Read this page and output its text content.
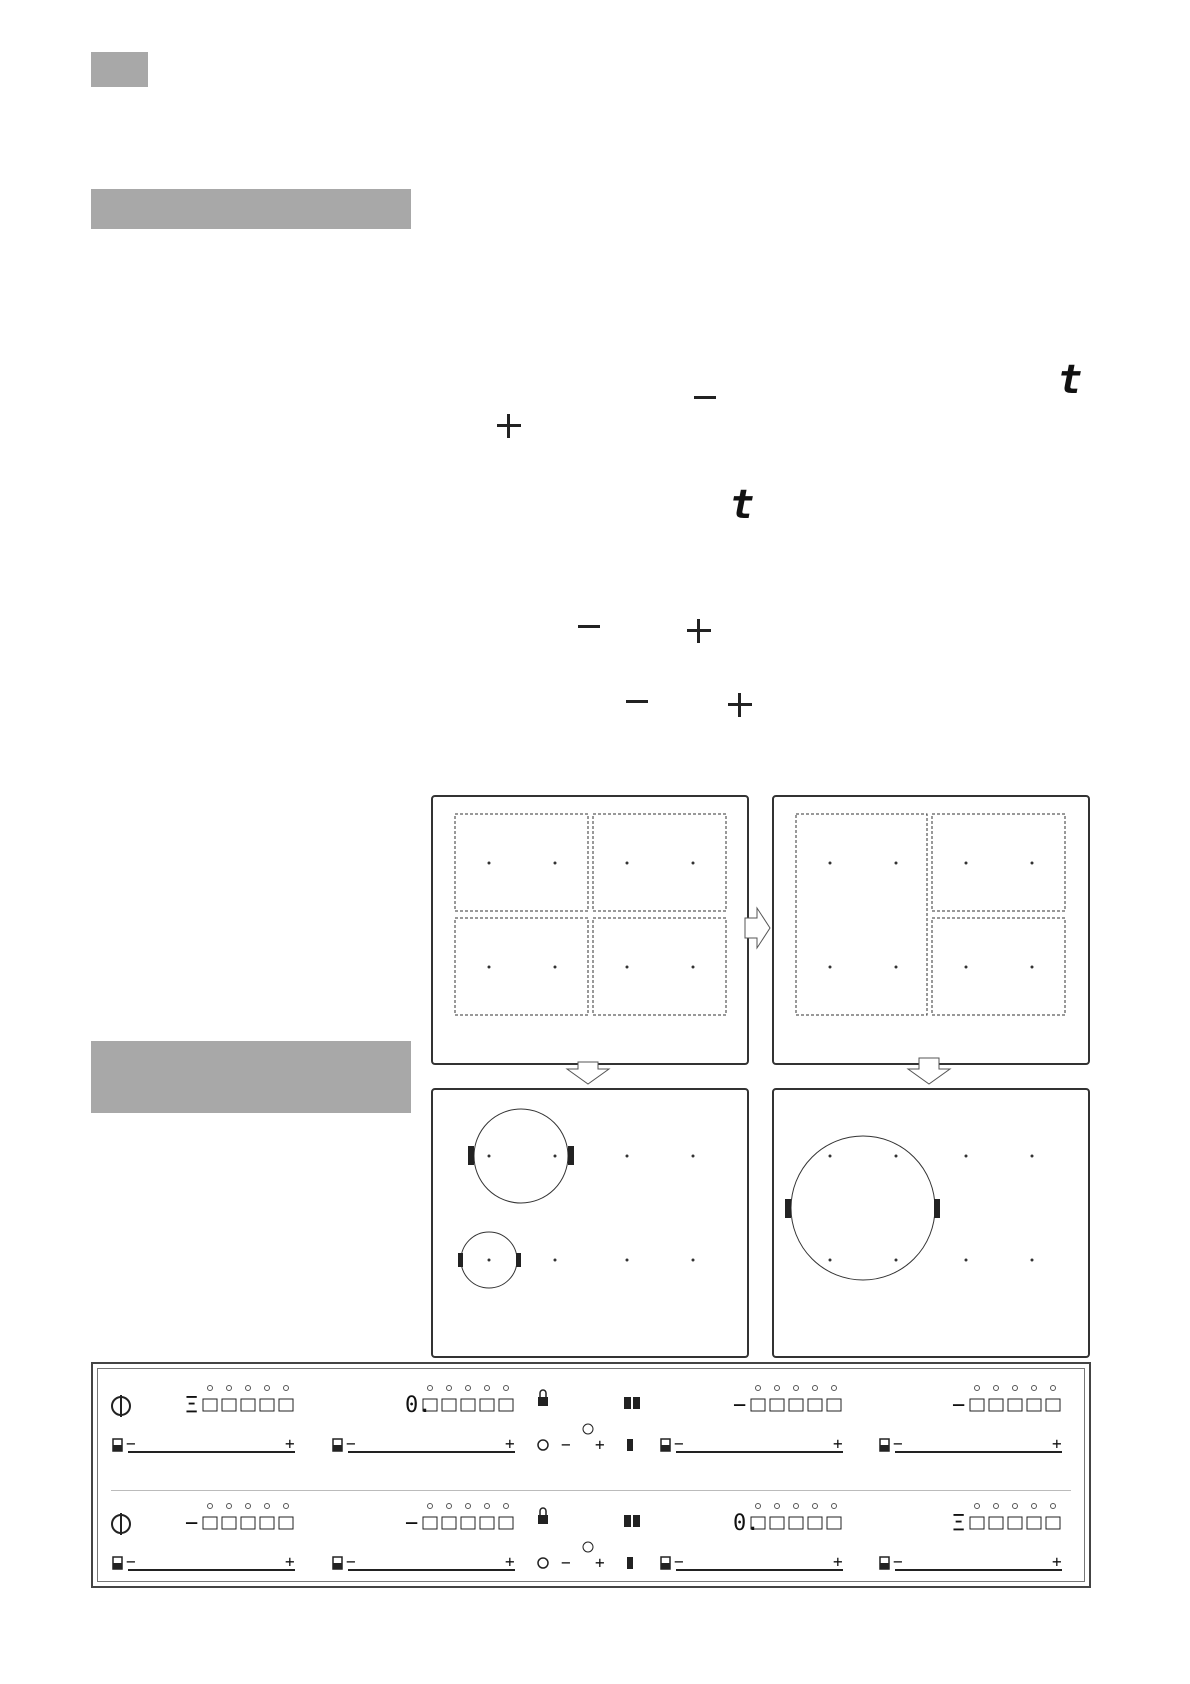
t
t
Ξ
−	+
0.
−	+
−
−	+
−
−	+
− +
−
−	+
−
−	+
0.
−	+
Ξ
−	+
− +
